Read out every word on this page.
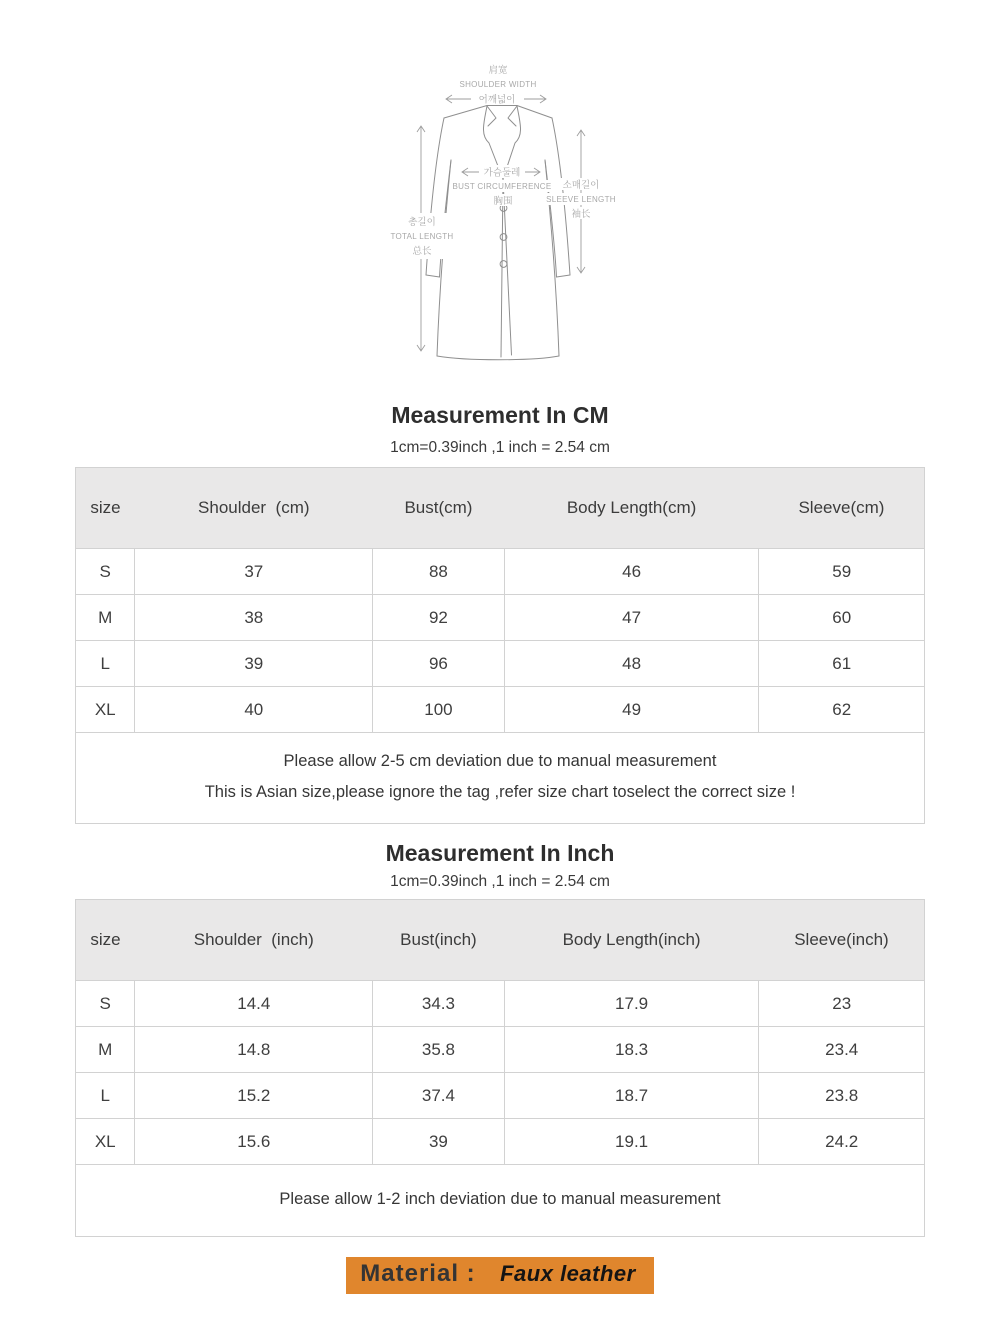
肩宽
SHOULDER WIDTH
어깨넓이
총길이
TOTAL LENGTH
总长
가슴둘레
BUST CIRCUMFERENCE
胸围
소매길이
SLEEVE LENGTH
袖长
Measurement In CM
1cm=0.39inch ,1 inch = 2.54 cm
size	Shoulder  (cm)	Bust(cm)	Body Length(cm)	Sleeve(cm)
S	37	88	46	59
M	38	92	47	60
L	39	96	48	61
XL	40	100	49	62

Please allow 2-5 cm deviation due to manual measurement
This is Asian size,please ignore the tag ,refer size chart toselect the correct size !				
Measurement In Inch
1cm=0.39inch ,1 inch = 2.54 cm
size	Shoulder  (inch)	Bust(inch)	Body Length(inch)	Sleeve(inch)
S	14.4	34.3	17.9	23
M	14.8	35.8	18.3	23.4
L	15.2	37.4	18.7	23.8
XL	15.6	39	19.1	24.2

Please allow 1-2 inch deviation due to manual measurement				
Material : Faux leather
